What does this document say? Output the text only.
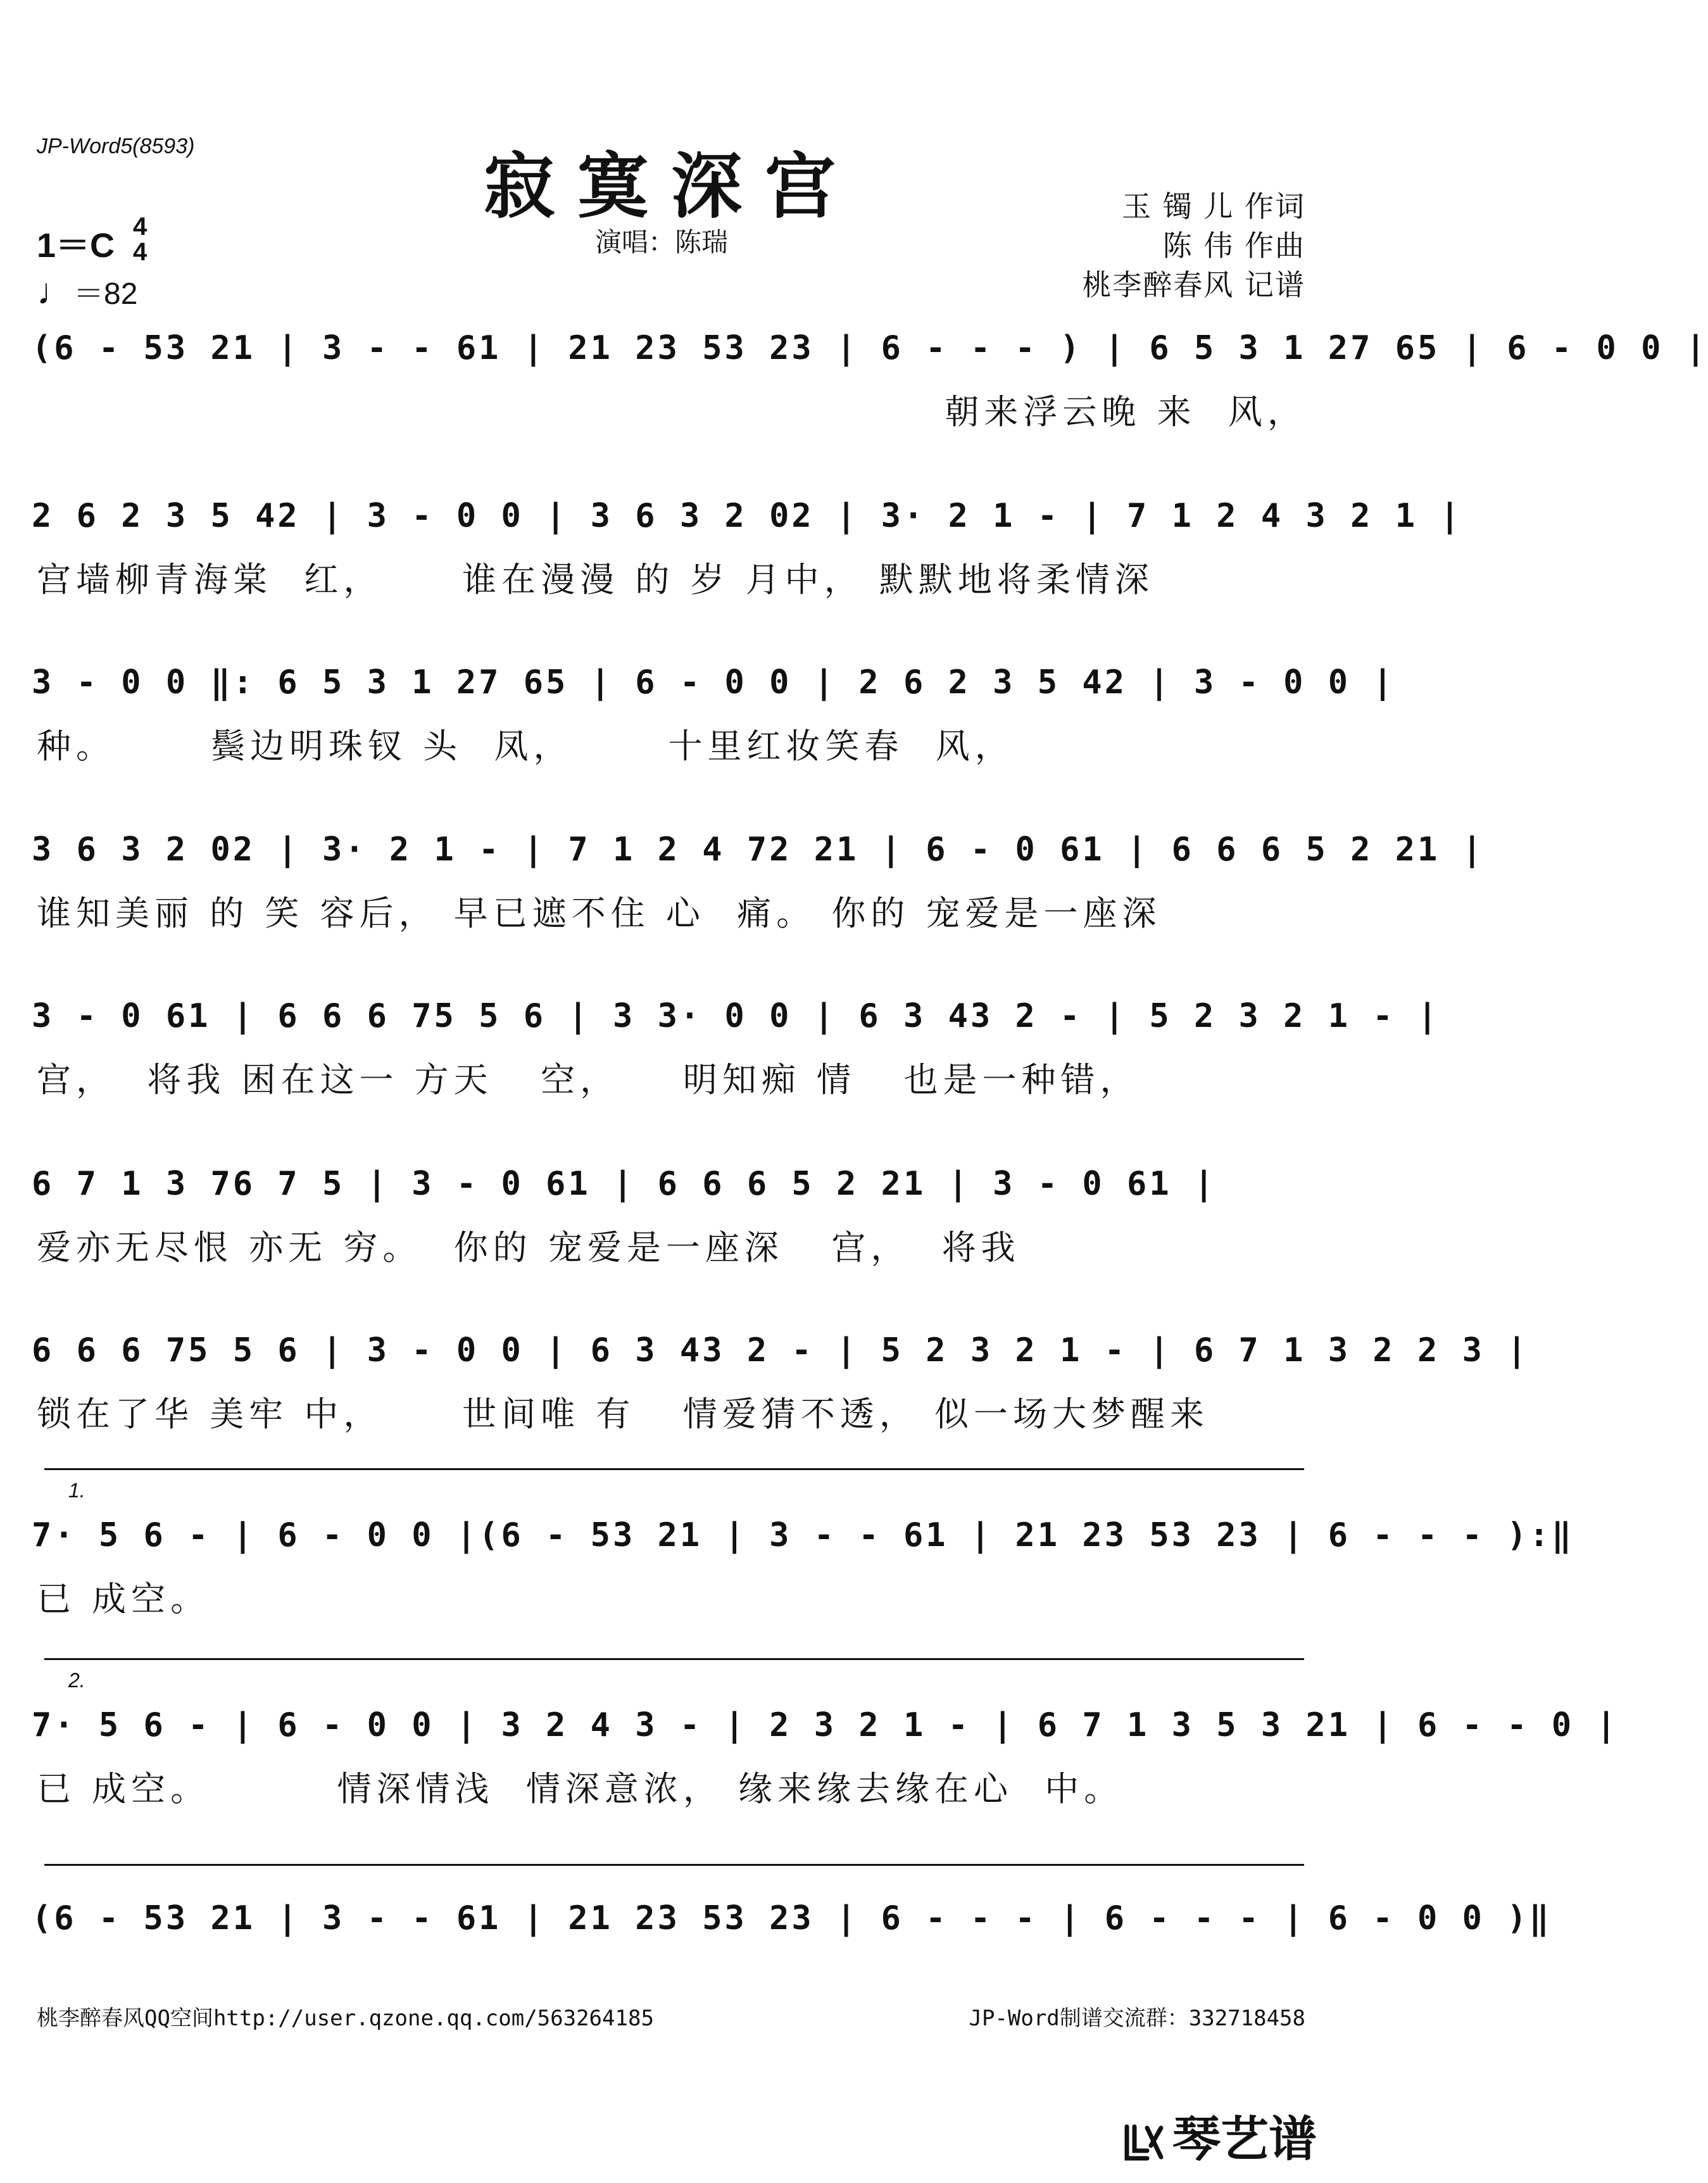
JP-Word5(8593)	寂寞深宫
演唱：陈瑞
玉 镯 儿 作词
陈 伟 作曲
桃李醉春风 记谱
1＝C 4
4
♩＝82
(6 - 53 21 | 3 - - 61 | 21 23 53 23 | 6 - - - ) | 6 5 3 1 27 65 | 6 - 0 0 |
朝来浮云晚 来  风，
2 6 2 3 5 42 | 3 - 0 0 | 3 6 3 2 02 | 3· 2 1 - | 7 1 2 4 3 2 1 |
宫墙柳青海棠  红，     谁在漫漫 的 岁 月中， 默默地将柔情深
3 - 0 0 ‖: 6 5 3 1 27 65 | 6 - 0 0 | 2 6 2 3 5 42 | 3 - 0 0 |
种。      鬓边明珠钗 头  凤，      十里红妆笑春  风，
3 6 3 2 02 | 3· 2 1 - | 7 1 2 4 72 21 | 6 - 0 61 | 6 6 6 5 2 21 |
谁知美丽 的 笑 容后， 早已遮不住 心  痛。 你的 宠爱是一座深
3 - 0 61 | 6 6 6 75 5 6 | 3 3· 0 0 | 6 3 43 2 - | 5 2 3 2 1 - |
宫，  将我 困在这一 方天   空，    明知痴 情   也是一种错，
6 7 1 3 76 7 5 | 3 - 0 61 | 6 6 6 5 2 21 | 3 - 0 61 |
爱亦无尽恨 亦无 穷。  你的 宠爱是一座深   宫，  将我
6 6 6 75 5 6 | 3 - 0 0 | 6 3 43 2 - | 5 2 3 2 1 - | 6 7 1 3 2 2 3 |
锁在了华 美牢 中，     世间唯 有   情爱猜不透， 似一场大梦醒来
1.
7· 5 6 - | 6 - 0 0 |(6 - 53 21 | 3 - - 61 | 21 23 53 23 | 6 - - - ):‖
已 成空。
2.
7· 5 6 - | 6 - 0 0 | 3 2 4 3 - | 2 3 2 1 - | 6 7 1 3 5 3 21 | 6 - - 0 |
已 成空。        情深情浅  情深意浓， 缘来缘去缘在心  中。
(6 - 53 21 | 3 - - 61 | 21 23 53 23 | 6 - - - | 6 - - - | 6 - 0 0 )‖
桃李醉春风QQ空间http://user.qzone.qq.com/563264185	JP-Word制谱交流群：332718458
琴艺谱
